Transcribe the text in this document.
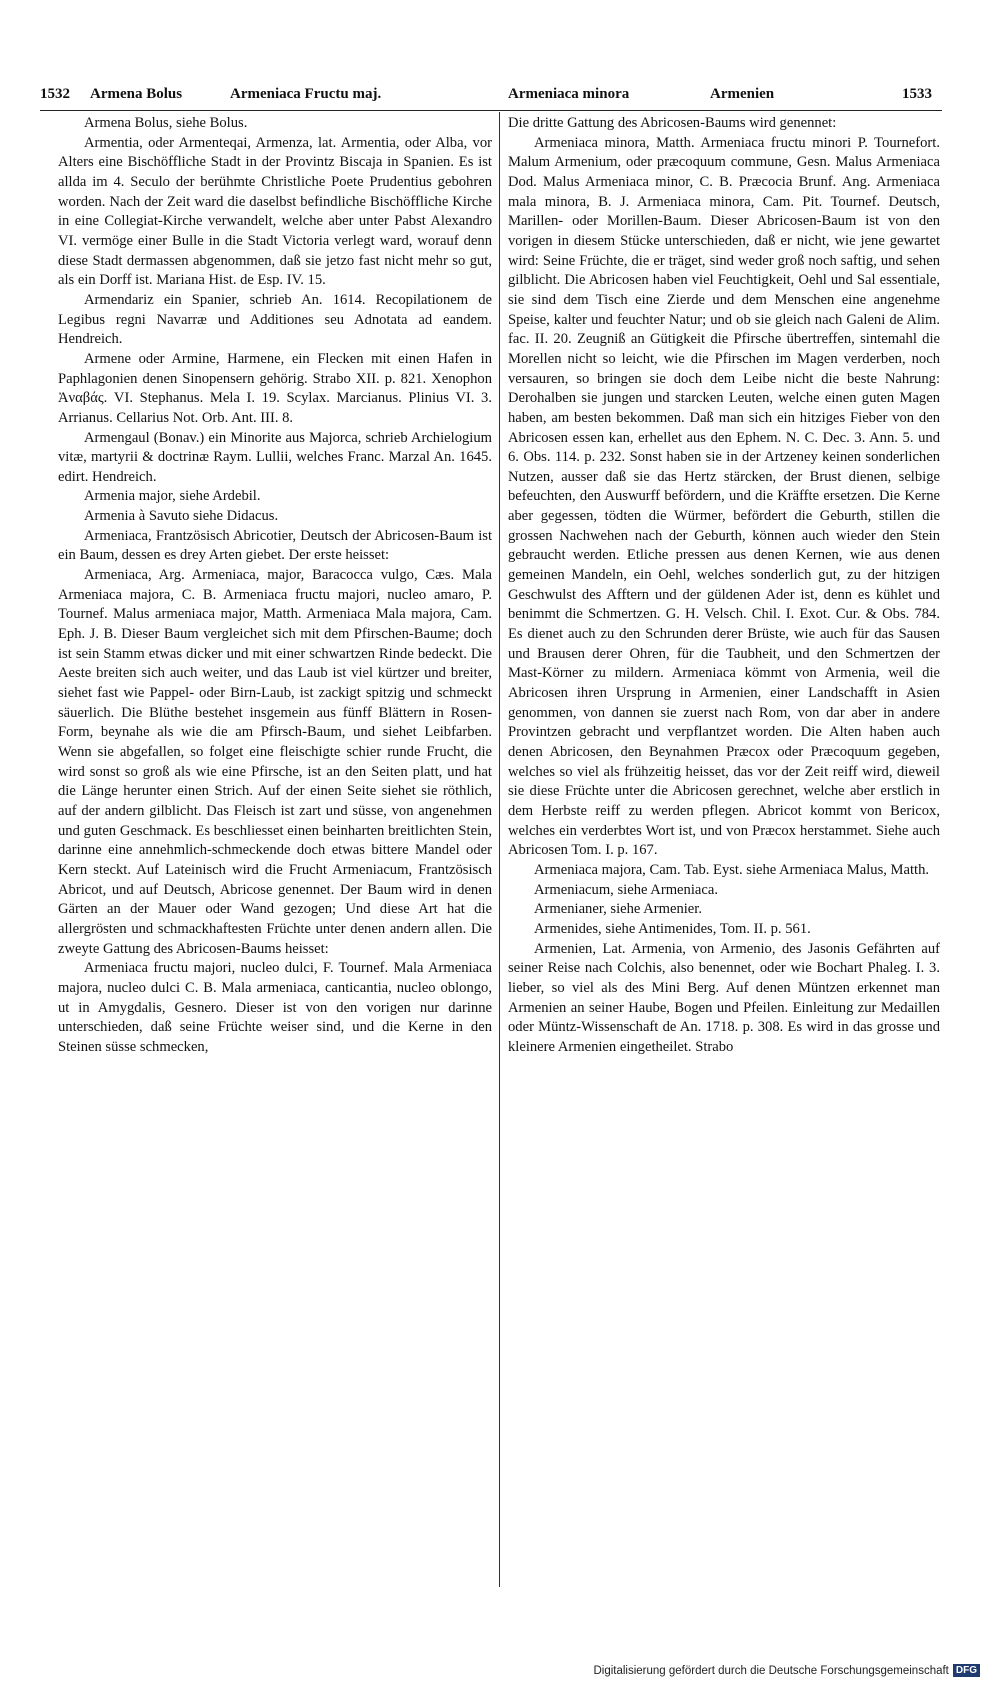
1532 Armena Bolus	Armeniaca Fructu maj.	Armeniaca minora	Armenien	1533

Armena Bolus, siehe Bolus.

Armentia, oder Armenteqai, Armenza, lat. Armentia, oder Alba, vor Alters eine Bischöffliche Stadt in der Provintz Biscaja in Spanien. Es ist allda im 4. Seculo der berühmte Christliche Poete Prudentius gebohren worden. Nach der Zeit ward die daselbst befindliche Bischöffliche Kirche in eine Collegiat-Kirche verwandelt, welche aber unter Pabst Alexandro VI. vermöge einer Bulle in die Stadt Victoria verlegt ward, worauf denn diese Stadt dermassen abgenommen, daß sie jetzo fast nicht mehr so gut, als ein Dorff ist. Mariana Hist. de Esp. IV. 15.

Armendariz ein Spanier, schrieb An. 1614. Recopilationem de Legibus regni Navarræ und Additiones seu Adnotata ad eandem. Hendreich.

Armene oder Armine, Harmene, ein Flecken mit einen Hafen in Paphlagonien denen Sinopensern gehörig. Strabo XII. p. 821. Xenophon Ἀναβάς. VI. Stephanus. Mela I. 19. Scylax. Marcianus. Plinius VI. 3. Arrianus. Cellarius Not. Orb. Ant. III. 8.

Armengaul (Bonav.) ein Minorite aus Majorca, schrieb Archielogium vitæ, martyrii & doctrinæ Raym. Lullii, welches Franc. Marzal An. 1645. edirt. Hendreich.

Armenia major, siehe Ardebil.

Armenia à Savuto siehe Didacus.

Armeniaca, Frantzösisch Abricotier, Deutsch der Abricosen-Baum ist ein Baum, dessen es drey Arten giebet. Der erste heisset:

Armeniaca, Arg. Armeniaca, major, Baracocca vulgo, Cæs. Mala Armeniaca majora, C. B. Armeniaca fructu majori, nucleo amaro, P. Tournef. Malus armeniaca major, Matth. Armeniaca Mala majora, Cam. Eph. J. B. Dieser Baum vergleichet sich mit dem Pfirschen-Baume; doch ist sein Stamm etwas dicker und mit einer schwartzen Rinde bedeckt. Die Aeste breiten sich auch weiter, und das Laub ist viel kürtzer und breiter, siehet fast wie Pappel- oder Birn-Laub, ist zackigt spitzig und schmeckt säuerlich. Die Blüthe bestehet insgemein aus fünff Blättern in Rosen-Form, beynahe als wie die am Pfirsch-Baum, und siehet Leibfarben. Wenn sie abgefallen, so folget eine fleischigte schier runde Frucht, die wird sonst so groß als wie eine Pfirsche, ist an den Seiten platt, und hat die Länge herunter einen Strich. Auf der einen Seite siehet sie röthlich, auf der andern gilblicht. Das Fleisch ist zart und süsse, von angenehmen und guten Geschmack. Es beschliesset einen beinharten breitlichten Stein, darinne eine annehmlich-schmeckende doch etwas bittere Mandel oder Kern steckt. Auf Lateinisch wird die Frucht Armeniacum, Frantzösisch Abricot, und auf Deutsch, Abricose genennet. Der Baum wird in denen Gärten an der Mauer oder Wand gezogen; Und diese Art hat die allergrösten und schmackhaftesten Früchte unter denen andern allen. Die zweyte Gattung des Abricosen-Baums heisset:

Armeniaca fructu majori, nucleo dulci, F. Tournef. Mala Armeniaca majora, nucleo dulci C. B. Mala armeniaca, canticantia, nucleo oblongo, ut in Amygdalis, Gesnero. Dieser ist von den vorigen nur darinne unterschieden, daß seine Früchte weiser sind, und die Kerne in den Steinen süsse schmecken,

Die dritte Gattung des Abricosen-Baums wird genennet:

Armeniaca minora, Matth. Armeniaca fructu minori P. Tournefort. Malum Armenium, oder præcoquum commune, Gesn. Malus Armeniaca Dod. Malus Armeniaca minor, C. B. Præcocia Brunf. Ang. Armeniaca mala minora, B. J. Armeniaca minora, Cam. Pit. Tournef. Deutsch, Marillen- oder Morillen-Baum. Dieser Abricosen-Baum ist von den vorigen in diesem Stücke unterschieden, daß er nicht, wie jene gewartet wird: Seine Früchte, die er träget, sind weder groß noch saftig, und sehen gilblicht. Die Abricosen haben viel Feuchtigkeit, Oehl und Sal essentiale, sie sind dem Tisch eine Zierde und dem Menschen eine angenehme Speise, kalter und feuchter Natur; und ob sie gleich nach Galeni de Alim. fac. II. 20. Zeugniß an Gütigkeit die Pfirsche übertreffen, sintemahl die Morellen nicht so leicht, wie die Pfirschen im Magen verderben, noch versauren, so bringen sie doch dem Leibe nicht die beste Nahrung: Derohalben sie jungen und starcken Leuten, welche einen guten Magen haben, am besten bekommen. Daß man sich ein hitziges Fieber von den Abricosen essen kan, erhellet aus den Ephem. N. C. Dec. 3. Ann. 5. und 6. Obs. 114. p. 232. Sonst haben sie in der Artzeney keinen sonderlichen Nutzen, ausser daß sie das Hertz stärcken, der Brust dienen, selbige befeuchten, den Auswurff befördern, und die Kräffte ersetzen. Die Kerne aber gegessen, tödten die Würmer, befördert die Geburth, stillen die grossen Nachwehen nach der Geburth, können auch wieder den Stein gebraucht werden. Etliche pressen aus denen Kernen, wie aus denen gemeinen Mandeln, ein Oehl, welches sonderlich gut, zu der hitzigen Geschwulst des Afftern und der güldenen Ader ist, denn es kühlet und benimmt die Schmertzen. G. H. Velsch. Chil. I. Exot. Cur. & Obs. 784. Es dienet auch zu den Schrunden derer Brüste, wie auch für das Sausen und Brausen derer Ohren, für die Taubheit, und den Schmertzen der Mast-Körner zu mildern. Armeniaca kömmt von Armenia, weil die Abricosen ihren Ursprung in Armenien, einer Landschafft in Asien genommen, von dannen sie zuerst nach Rom, von dar aber in andere Provintzen gebracht und verpflantzet worden. Die Alten haben auch denen Abricosen, den Beynahmen Præcox oder Præcoquum gegeben, welches so viel als frühzeitig heisset, das vor der Zeit reiff wird, dieweil sie diese Früchte unter die Abricosen gerechnet, welche aber erstlich in dem Herbste reiff zu werden pflegen. Abricot kommt von Bericox, welches ein verderbtes Wort ist, und von Præcox herstammet. Siehe auch Abricosen Tom. I. p. 167.

Armeniaca majora, Cam. Tab. Eyst. siehe Armeniaca Malus, Matth.

Armeniacum, siehe Armeniaca.

Armenianer, siehe Armenier.

Armenides, siehe Antimenides, Tom. II. p. 561.

Armenien, Lat. Armenia, von Armenio, des Jasonis Gefährten auf seiner Reise nach Colchis, also benennet, oder wie Bochart Phaleg. I. 3. lieber, so viel als des Mini Berg. Auf denen Müntzen erkennet man Armenien an seiner Haube, Bogen und Pfeilen. Einleitung zur Medaillen oder Müntz-Wissenschaft de An. 1718. p. 308. Es wird in das grosse und kleinere Armenien eingetheilet. Strabo

Digitalisierung gefördert durch die Deutsche Forschungsgemeinschaft DFG
